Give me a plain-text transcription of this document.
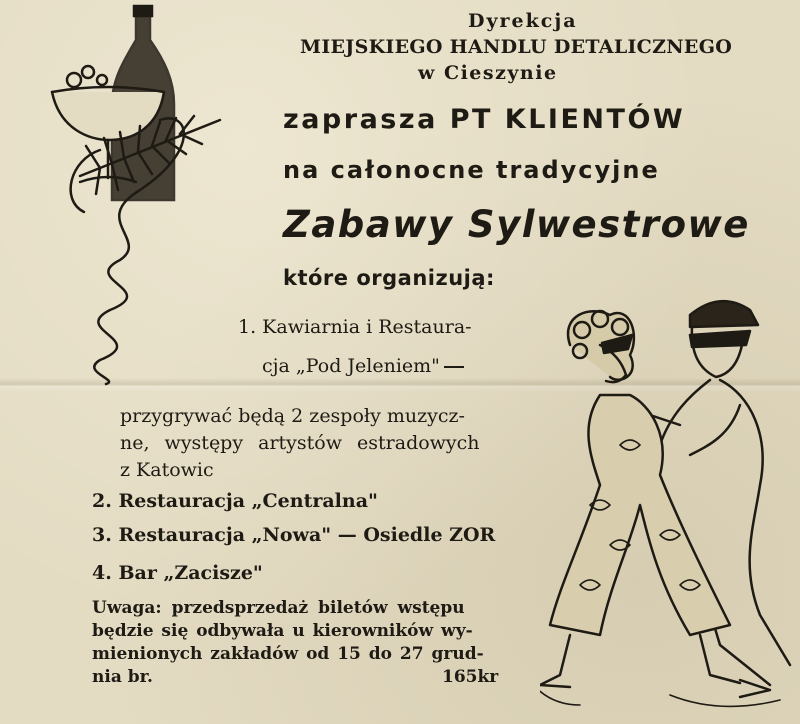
Dyrekcja
MIEJSKIEGO HANDLU DETALICZNEGO
w Cieszynie
zaprasza PT KLIENTÓW
na całonocne tradycyjne
Zabawy Sylwestrowe
które organizują:
1. Kawiarnia i Restaura-
cja „Pod Jeleniem"
przygrywać będą 2 zespoły muzycz-
ne, występy artystów estradowych
z Katowic
2. Restauracja „Centralna"
3. Restauracja „Nowa" — Osiedle ZOR
4. Bar „Zacisze"
Uwaga: przedsprzedaż biletów wstępu
będzie się odbywała u kierowników wy-
mienionych zakładów od 15 do 27 grud-
nia br.	165kr
